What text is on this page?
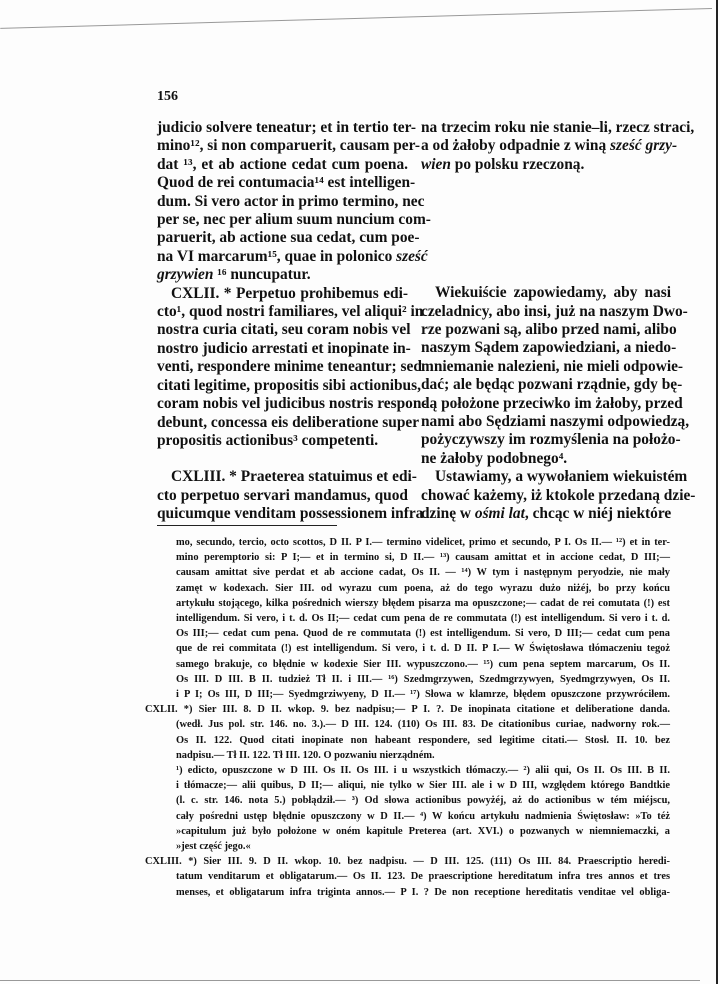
156
judicio solvere teneatur; et in tertio ter-
mino¹², si non comparuerit, causam per-
dat ¹³, et ab actione cedat cum poena.
Quod de rei contumacia¹⁴ est intelligen-
dum. Si vero actor in primo termino, nec
per se, nec per alium suum nuncium com-
paruerit, ab actione sua cedat, cum poe-
na VI marcarum¹⁵, quae in polonico sześć
grzywien ¹⁶ nuncupatur.
CXLII. * Perpetuo prohibemus edi-
cto¹, quod nostri familiares, vel aliqui² in
nostra curia citati, seu coram nobis vel
nostro judicio arrestati et inopinate in-
venti, respondere minime teneantur; sed
citati legitime, propositis sibi actionibus,
coram nobis vel judicibus nostris respon-
debunt, concessa eis deliberatione super
propositis actionibus³ competenti.
CXLIII. * Praeterea statuimus et edi-
cto perpetuo servari mandamus, quod
quicumque venditam possessionem infra
na trzecim roku nie stanie–li, rzecz straci,
a od żałoby odpadnie z winą sześć grzy-
wien po polsku rzeczoną.
Wiekuiście zapowiedamy, aby nasi
czeladnicy, abo insi, już na naszym Dwo-
rze pozwani są, alibo przed nami, alibo
naszym Sądem zapowiedziani, a niedo-
mniemanie nalezieni, nie mieli odpowie-
dać; ale będąc pozwani rządnie, gdy bę-
dą położone przeciwko im żałoby, przed
nami abo Sędziami naszymi odpowiedzą,
pożyczywszy im rozmyślenia na położo-
ne żałoby podobnego⁴.
Ustawiamy, a wywołaniem wiekuistém
chować każemy, iż ktokole przedaną dzie-
dzinę w ośmi lat, chcąc w niéj niektóre
mo, secundo, tercio, octo scottos, D II. P I.— termino videlicet, primo et secundo, P I. Os II.— ¹²) et in ter-
mino peremptorio si: P I;— et in termino si, D II.— ¹³) causam amittat et in accione cedat, D III;—
causam amittat sive perdat et ab accione cadat, Os II. — ¹⁴) W tym i następnym peryodzie, nie mały
zamęt w kodexach. Sier III. od wyrazu cum poena, aż do tego wyrazu dużo niżéj, bo przy końcu
artykułu stojącego, kilka pośrednich wierszy błędem pisarza ma opuszczone;— cadat de rei comutata (!) est
intelligendum. Si vero, i t. d. Os II;— cedat cum pena de re commutata (!) est intelligendum. Si vero i t. d.
Os III;— cedat cum pena. Quod de re commutata (!) est intelligendum. Si vero, D III;— cedat cum pena
que de rei commitata (!) est intelligendum. Si vero, i t. d. D II. P I.— W Świętosława tłómaczeniu tegoż
samego brakuje, co błędnie w kodexie Sier III. wypuszczono.— ¹⁵) cum pena septem marcarum, Os II.
Os III. D III. B II. tudzież Tł II. i III.— ¹⁶) Szedmgrzywen, Szedmgrzywyen, Syedmgrzywyen, Os II.
i P I; Os III, D III;— Syedmgrziwyeny, D II.— ¹⁷) Słowa w klamrze, błędem opuszczone przywróciłem.
CXLII. *) Sier III. 8. D II. wkop. 9. bez nadpisu;— P I. ?. De inopinata citatione et deliberatione danda.
(wedł. Jus pol. str. 146. no. 3.).— D III. 124. (110) Os III. 83. De citationibus curiae, nadworny rok.—
Os II. 122. Quod citati inopinate non habeant respondere, sed legitime citati.— Stosł. II. 10. bez
nadpisu.— Tł II. 122. Tł III. 120. O pozwaniu nierządném.
¹) edicto, opuszczone w D III. Os II. Os III. i u wszystkich tłómaczy.— ²) alii qui, Os II. Os III. B II.
i tłómacze;— alii quibus, D II;— aliqui, nie tylko w Sier III. ale i w D III, względem którego Bandtkie
(l. c. str. 146. nota 5.) pobłądził.— ³) Od słowa actionibus powyżéj, aż do actionibus w tém miéjscu,
cały pośredni ustęp błędnie opuszczony w D II.— ⁴) W końcu artykułu nadmienia Świętosław: »To téż
»capitulum już było położone w oném kapitule Preterea (art. XVI.) o pozwanych w niemniemaczki, a
»jest część jego.«
CXLIII. *) Sier III. 9. D II. wkop. 10. bez nadpisu. — D III. 125. (111) Os III. 84. Praescriptio heredi-
tatum venditarum et obligatarum.— Os II. 123. De praescriptione hereditatum infra tres annos et tres
menses, et obligatarum infra triginta annos.— P I. ? De non receptione hereditatis venditae vel obliga-
